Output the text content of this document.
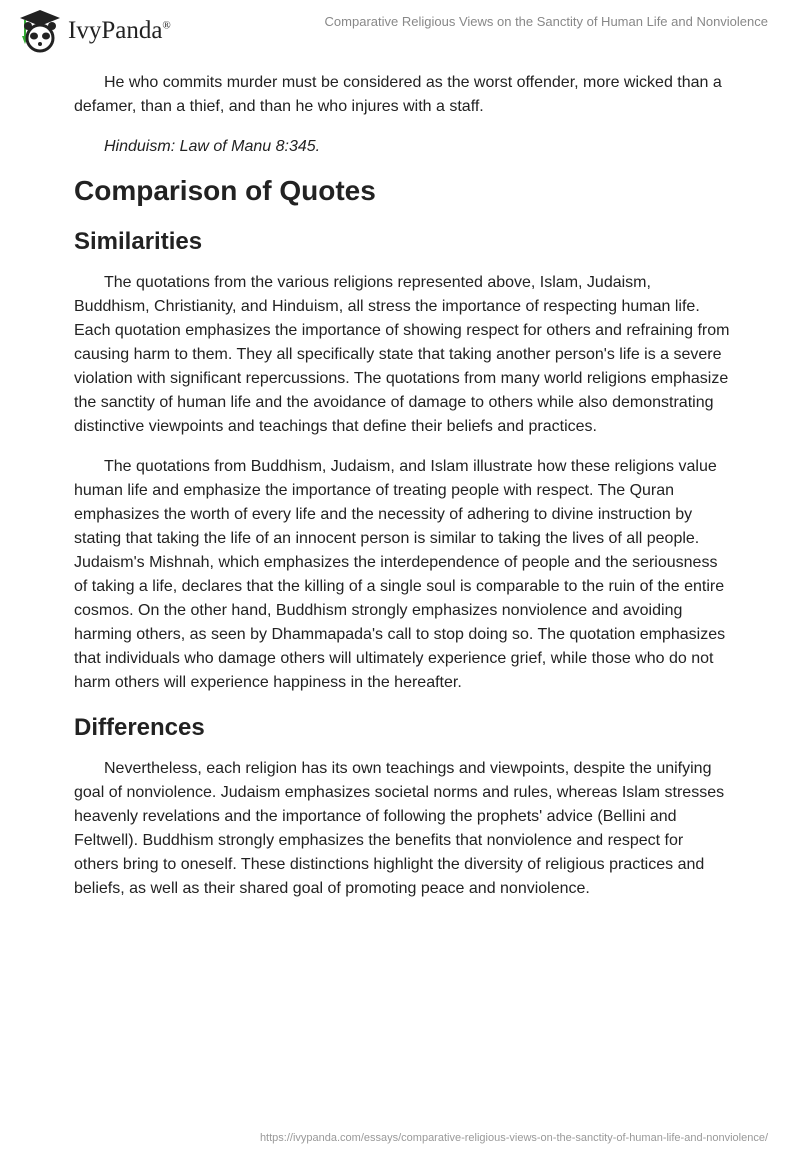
IvyPanda®	Comparative Religious Views on the Sanctity of Human Life and Nonviolence

He who commits murder must be considered as the worst offender, more wicked than a defamer, than a thief, and than he who injures with a staff.

Hinduism: Law of Manu 8:345.

Comparison of Quotes
Similarities

The quotations from the various religions represented above, Islam, Judaism, Buddhism, Christianity, and Hinduism, all stress the importance of respecting human life. Each quotation emphasizes the importance of showing respect for others and refraining from causing harm to them. They all specifically state that taking another person's life is a severe violation with significant repercussions. The quotations from many world religions emphasize the sanctity of human life and the avoidance of damage to others while also demonstrating distinctive viewpoints and teachings that define their beliefs and practices.

The quotations from Buddhism, Judaism, and Islam illustrate how these religions value human life and emphasize the importance of treating people with respect. The Quran emphasizes the worth of every life and the necessity of adhering to divine instruction by stating that taking the life of an innocent person is similar to taking the lives of all people. Judaism's Mishnah, which emphasizes the interdependence of people and the seriousness of taking a life, declares that the killing of a single soul is comparable to the ruin of the entire cosmos. On the other hand, Buddhism strongly emphasizes nonviolence and avoiding harming others, as seen by Dhammapada's call to stop doing so. The quotation emphasizes that individuals who damage others will ultimately experience grief, while those who do not harm others will experience happiness in the hereafter.

Differences

Nevertheless, each religion has its own teachings and viewpoints, despite the unifying goal of nonviolence. Judaism emphasizes societal norms and rules, whereas Islam stresses heavenly revelations and the importance of following the prophets' advice (Bellini and Feltwell). Buddhism strongly emphasizes the benefits that nonviolence and respect for others bring to oneself. These distinctions highlight the diversity of religious practices and beliefs, as well as their shared goal of promoting peace and nonviolence.

https://ivypanda.com/essays/comparative-religious-views-on-the-sanctity-of-human-life-and-nonviolence/
